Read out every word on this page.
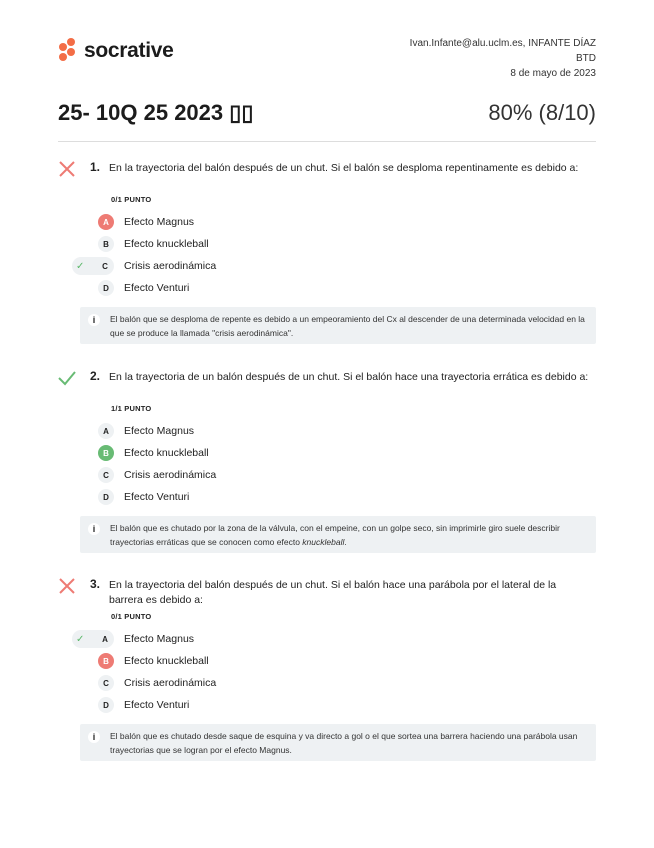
socrative	Ivan.Infante@alu.uclm.es, INFANTE DÍAZ
BTD
8 de mayo de 2023
25- 10Q 25 2023 ▯▯	80% (8/10)
1. En la trayectoria del balón después de un chut. Si el balón se desploma repentinamente es debido a:
0/1 PUNTO
A	Efecto Magnus
B	Efecto knuckleball
✓	C	Crisis aerodinámica
D	Efecto Venturi
i	El balón que se desploma de repente es debido a un empeoramiento del Cx al descender de una determinada velocidad en la que se produce la llamada "crisis aerodinámica".
2. En la trayectoria de un balón después de un chut. Si el balón hace una trayectoria errática es debido a:
1/1 PUNTO
A	Efecto Magnus
B	Efecto knuckleball
C	Crisis aerodinámica
D	Efecto Venturi
i	El balón que es chutado por la zona de la válvula, con el empeine, con un golpe seco, sin imprimirle giro suele describir trayectorias erráticas que se conocen como efecto knuckleball.
3. En la trayectoria del balón después de un chut. Si el balón hace una parábola por el lateral de la barrera es debido a:
0/1 PUNTO
✓	A	Efecto Magnus
B	Efecto knuckleball
C	Crisis aerodinámica
D	Efecto Venturi
i	El balón que es chutado desde saque de esquina y va directo a gol o el que sortea una barrera haciendo una parábola usan trayectorias que se logran por el efecto Magnus.
